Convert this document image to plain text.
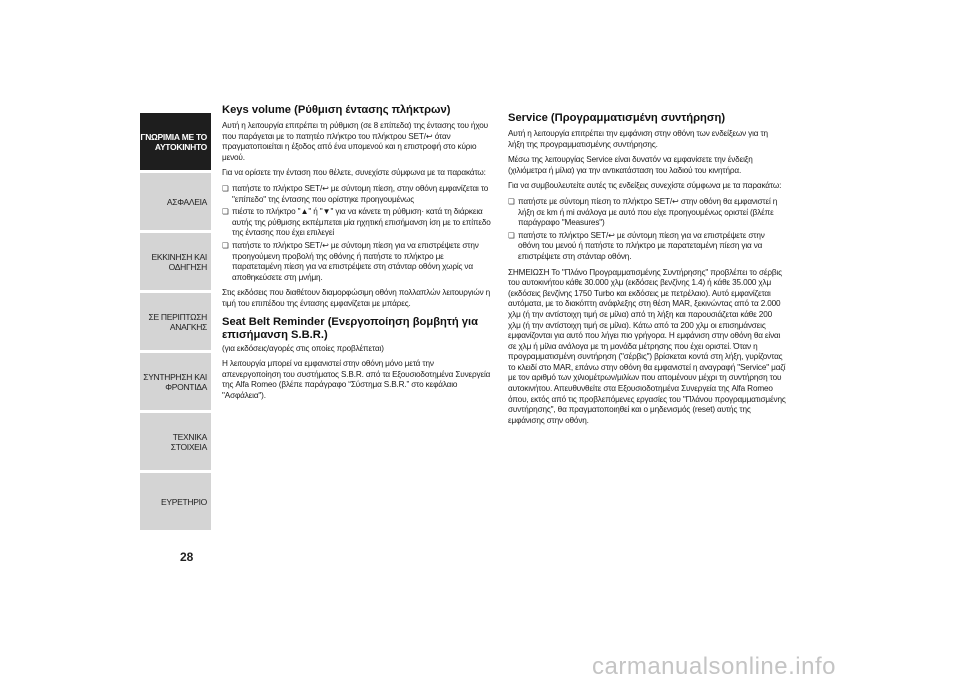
ΓΝΩΡΙΜΙΑ ΜΕ ΤΟ ΑΥΤΟΚΙΝΗΤΟ
ΑΣΦΑΛΕΙΑ
ΕΚΚΙΝΗΣΗ ΚΑΙ ΟΔΗΓΗΣΗ
ΣΕ ΠΕΡΙΠΤΩΣΗ ΑΝΑΓΚΗΣ
ΣΥΝΤΗΡΗΣΗ ΚΑΙ ΦΡΟΝΤΙΔΑ
ΤΕΧΝΙΚΑ ΣΤΟΙΧΕΙΑ
ΕΥΡΕΤΗΡΙΟ
28
Keys volume (Ρύθμιση έντασης πλήκτρων)

Αυτή η λειτουργία επιτρέπει τη ρύθμιση (σε 8 επίπεδα) της έντασης του ήχου που παράγεται με το πατητέο πλήκτρο του πλήκτρου SET/↩ όταν πραγματοποιείται η έξοδος από ένα υπομενού και η επιστροφή στο κύριο μενού.

Για να ορίσετε την ένταση που θέλετε, συνεχίστε σύμφωνα με τα παρακάτω:

❏ πατήστε το πλήκτρο SET/↩ με σύντομη πίεση, στην οθόνη εμφανίζεται το "επίπεδο" της έντασης που ορίστηκε προηγουμένως
❏ πιέστε το πλήκτρο "▲" ή "▼" για να κάνετε τη ρύθμιση· κατά τη διάρκεια αυτής της ρύθμισης εκπέμπεται μία ηχητική επισήμανση ίση με το επίπεδο της έντασης που έχει επιλεγεί
❏ πατήστε το πλήκτρο SET/↩ με σύντομη πίεση για να επιστρέψετε στην προηγούμενη προβολή της οθόνης ή πατήστε το πλήκτρο με παρατεταμένη πίεση για να επιστρέψετε στη στάνταρ οθόνη χωρίς να αποθηκεύσετε στη μνήμη.

Στις εκδόσεις που διαθέτουν διαμορφώσιμη οθόνη πολλαπλών λειτουργιών η τιμή του επιπέδου της έντασης εμφανίζεται με μπάρες.

Seat Belt Reminder (Ενεργοποίηση βομβητή για επισήμανση S.B.R.)

(για εκδόσεις/αγορές στις οποίες προβλέπεται)

Η λειτουργία μπορεί να εμφανιστεί στην οθόνη μόνο μετά την απενεργοποίηση του συστήματος S.B.R. από τα Εξουσιοδοτημένα Συνεργεία της Alfa Romeo (βλέπε παράγραφο “Σύστημα S.B.R.” στο κεφάλαιο "Ασφάλεια").

Service (Προγραμματισμένη συντήρηση)

Αυτή η λειτουργία επιτρέπει την εμφάνιση στην οθόνη των ενδείξεων για τη λήξη της προγραμματισμένης συντήρησης.

Μέσω της λειτουργίας Service είναι δυνατόν να εμφανίσετε την ένδειξη (χιλιόμετρα ή μίλια) για την αντικατάσταση του λαδιού του κινητήρα.

Για να συμβουλευτείτε αυτές τις ενδείξεις συνεχίστε σύμφωνα με τα παρακάτω:

❏ πατήστε με σύντομη πίεση το πλήκτρο SET/↩ στην οθόνη θα εμφανιστεί η λήξη σε km ή mi ανάλογα με αυτό που είχε προηγουμένως οριστεί (βλέπε παράγραφο "Measures")
❏ πατήστε το πλήκτρο SET/↩ με σύντομη πίεση για να επιστρέψετε στην οθόνη του μενού ή πατήστε το πλήκτρο με παρατεταμένη πίεση για να επιστρέψετε στη στάνταρ οθόνη.

ΣΗΜΕΙΩΣΗ Το "Πλάνο Προγραμματισμένης Συντήρησης" προβλέπει το σέρβις του αυτοκινήτου κάθε 30.000 χλμ (εκδόσεις βενζίνης 1.4) ή κάθε 35.000 χλμ (εκδόσεις βενζίνης 1750 Turbo και εκδόσεις με πετρέλαιο). Αυτό εμφανίζεται αυτόματα, με το διακόπτη ανάφλεξης στη θέση MAR, ξεκινώντας από τα 2.000 χλμ (ή την αντίστοιχη τιμή σε μίλια) από τη λήξη και παρουσιάζεται κάθε 200 χλμ (ή την αντίστοιχη τιμή σε μίλια). Κάτω από τα 200 χλμ οι επισημάνσεις εμφανίζονται για αυτό που λήγει πιο γρήγορα. Η εμφάνιση στην οθόνη θα είναι σε χλμ ή μίλια ανάλογα με τη μονάδα μέτρησης που έχει οριστεί. Όταν η προγραμματισμένη συντήρηση ("σέρβις") βρίσκεται κοντά στη λήξη, γυρίζοντας το κλειδί στο MAR, επάνω στην οθόνη θα εμφανιστεί η αναγραφή "Service" μαζί με τον αριθμό των χιλιομέτρων/μιλίων που απομένουν μέχρι τη συντήρηση του αυτοκινήτου. Απευθυνθείτε στα Εξουσιοδοτημένα Συνεργεία της Alfa Romeo όπου, εκτός από τις προβλεπόμενες εργασίες του "Πλάνου προγραμματισμένης συντήρησης", θα πραγματοποιηθεί και ο μηδενισμός (reset) αυτής της εμφάνισης στην οθόνη.

carmanualsonline.info
